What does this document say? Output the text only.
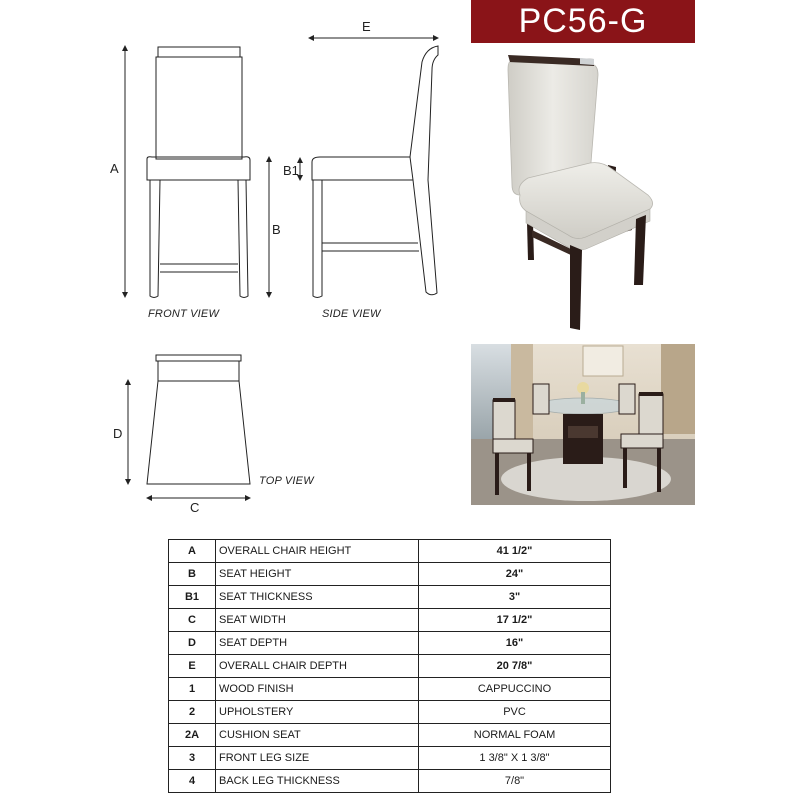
PC56-G
A
B
B1
E
D
C
FRONT VIEW	SIDE VIEW
TOP VIEW
A	OVERALL CHAIR HEIGHT	41 1/2"
B	SEAT HEIGHT	24"
B1	SEAT THICKNESS	3"
C	SEAT WIDTH	17 1/2"
D	SEAT DEPTH	16"
E	OVERALL CHAIR DEPTH	20 7/8"
1	WOOD FINISH	CAPPUCCINO
2	UPHOLSTERY	PVC
2A	CUSHION SEAT	NORMAL FOAM
3	FRONT LEG SIZE	1 3/8" X 1 3/8"
4	BACK LEG THICKNESS	7/8"
